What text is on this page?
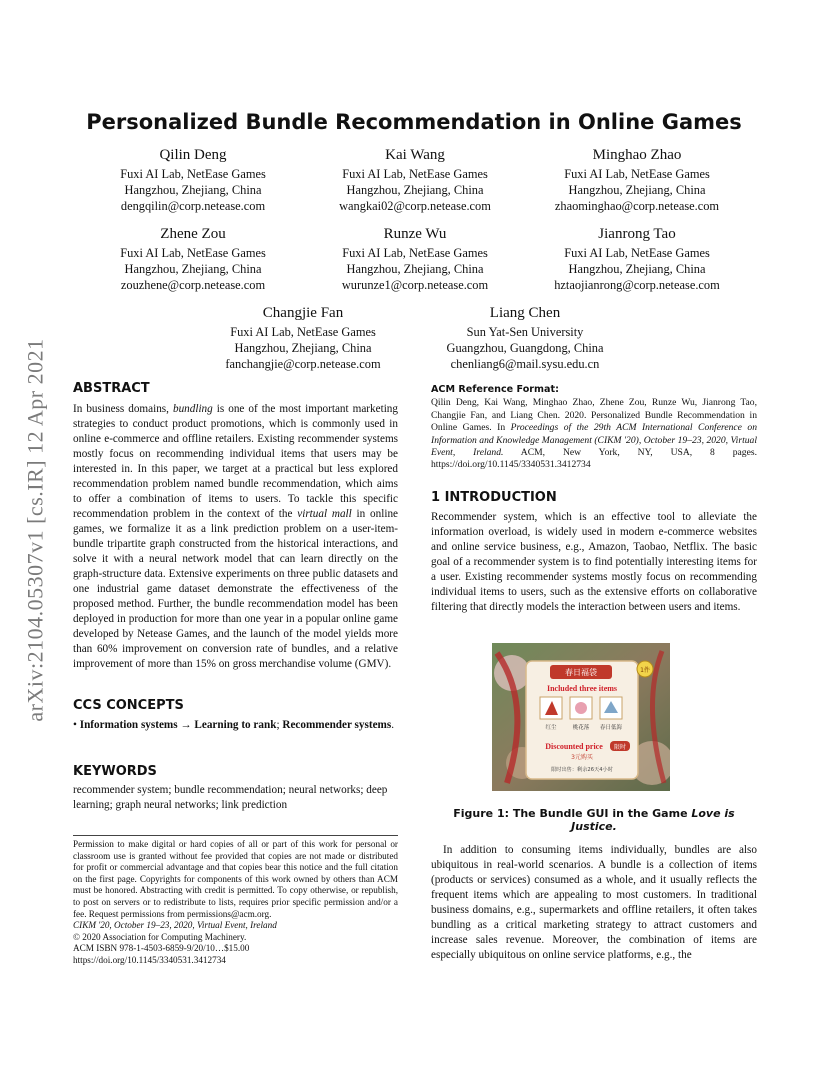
arXiv:2104.05307v1 [cs.IR] 12 Apr 2021
Personalized Bundle Recommendation in Online Games
Qilin Deng
Fuxi AI Lab, NetEase Games
Hangzhou, Zhejiang, China
dengqilin@corp.netease.com
Kai Wang
Fuxi AI Lab, NetEase Games
Hangzhou, Zhejiang, China
wangkai02@corp.netease.com
Minghao Zhao
Fuxi AI Lab, NetEase Games
Hangzhou, Zhejiang, China
zhaominghao@corp.netease.com
Zhene Zou
Fuxi AI Lab, NetEase Games
Hangzhou, Zhejiang, China
zouzhene@corp.netease.com
Runze Wu
Fuxi AI Lab, NetEase Games
Hangzhou, Zhejiang, China
wurunze1@corp.netease.com
Jianrong Tao
Fuxi AI Lab, NetEase Games
Hangzhou, Zhejiang, China
hztaojianrong@corp.netease.com
Changjie Fan
Fuxi AI Lab, NetEase Games
Hangzhou, Zhejiang, China
fanchangjie@corp.netease.com
Liang Chen
Sun Yat-Sen University
Guangzhou, Guangdong, China
chenliang6@mail.sysu.edu.cn
ABSTRACT
In business domains, bundling is one of the most important marketing strategies to conduct product promotions, which is commonly used in online e-commerce and offline retailers. Existing recommender systems mostly focus on recommending individual items that users may be interested in. In this paper, we target at a practical but less explored recommendation problem named bundle recommendation, which aims to offer a combination of items to users. To tackle this specific recommendation problem in the context of the virtual mall in online games, we formalize it as a link prediction problem on a user-item-bundle tripartite graph constructed from the historical interactions, and solve it with a neural network model that can learn directly on the graph-structure data. Extensive experiments on three public datasets and one industrial game dataset demonstrate the effectiveness of the proposed method. Further, the bundle recommendation model has been deployed in production for more than one year in a popular online game developed by Netease Games, and the launch of the model yields more than 60% improvement on conversion rate of bundles, and a relative improvement of more than 15% on gross merchandise volume (GMV).
CCS CONCEPTS
• Information systems → Learning to rank; Recommender systems.
KEYWORDS
recommender system; bundle recommendation; neural networks; deep learning; graph neural networks; link prediction
Permission to make digital or hard copies of all or part of this work for personal or classroom use is granted without fee provided that copies are not made or distributed for profit or commercial advantage and that copies bear this notice and the full citation on the first page. Copyrights for components of this work owned by others than ACM must be honored. Abstracting with credit is permitted. To copy otherwise, or republish, to post on servers or to redistribute to lists, requires prior specific permission and/or a fee. Request permissions from permissions@acm.org.
CIKM '20, October 19–23, 2020, Virtual Event, Ireland
© 2020 Association for Computing Machinery.
ACM ISBN 978-1-4503-6859-9/20/10…$15.00
https://doi.org/10.1145/3340531.3412734
ACM Reference Format:
Qilin Deng, Kai Wang, Minghao Zhao, Zhene Zou, Runze Wu, Jianrong Tao, Changjie Fan, and Liang Chen. 2020. Personalized Bundle Recommendation in Online Games. In Proceedings of the 29th ACM International Conference on Information and Knowledge Management (CIKM '20), October 19–23, 2020, Virtual Event, Ireland. ACM, New York, NY, USA, 8 pages. https://doi.org/10.1145/3340531.3412734
1 INTRODUCTION
Recommender system, which is an effective tool to alleviate the information overload, is widely used in modern e-commerce websites and online service business, e.g., Amazon, Taobao, Netflix. The basic goal of a recommender system is to find potentially interesting items for a user. Existing recommender systems mostly focus on recommending individual items to users, such as the extensive efforts on collaborative filtering that directly models the interaction between users and items.
春日福袋
Included three items
红尘	桃花落 春日低海
Discounted price 限时
3元购买
限时出售：剩余26天4小时
1件
Figure 1: The Bundle GUI in the Game Love is Justice.
In addition to consuming items individually, bundles are also ubiquitous in real-world scenarios. A bundle is a collection of items (products or services) consumed as a whole, and it usually reflects the frequent items which are appealing to most customers. In traditional business domains, e.g., supermarkets and offline retailers, it often takes bundling as a critical marketing strategy to attract customers and increase sales revenue. Moreover, the combination of items are especially ubiquitous on online service platforms, e.g., the
